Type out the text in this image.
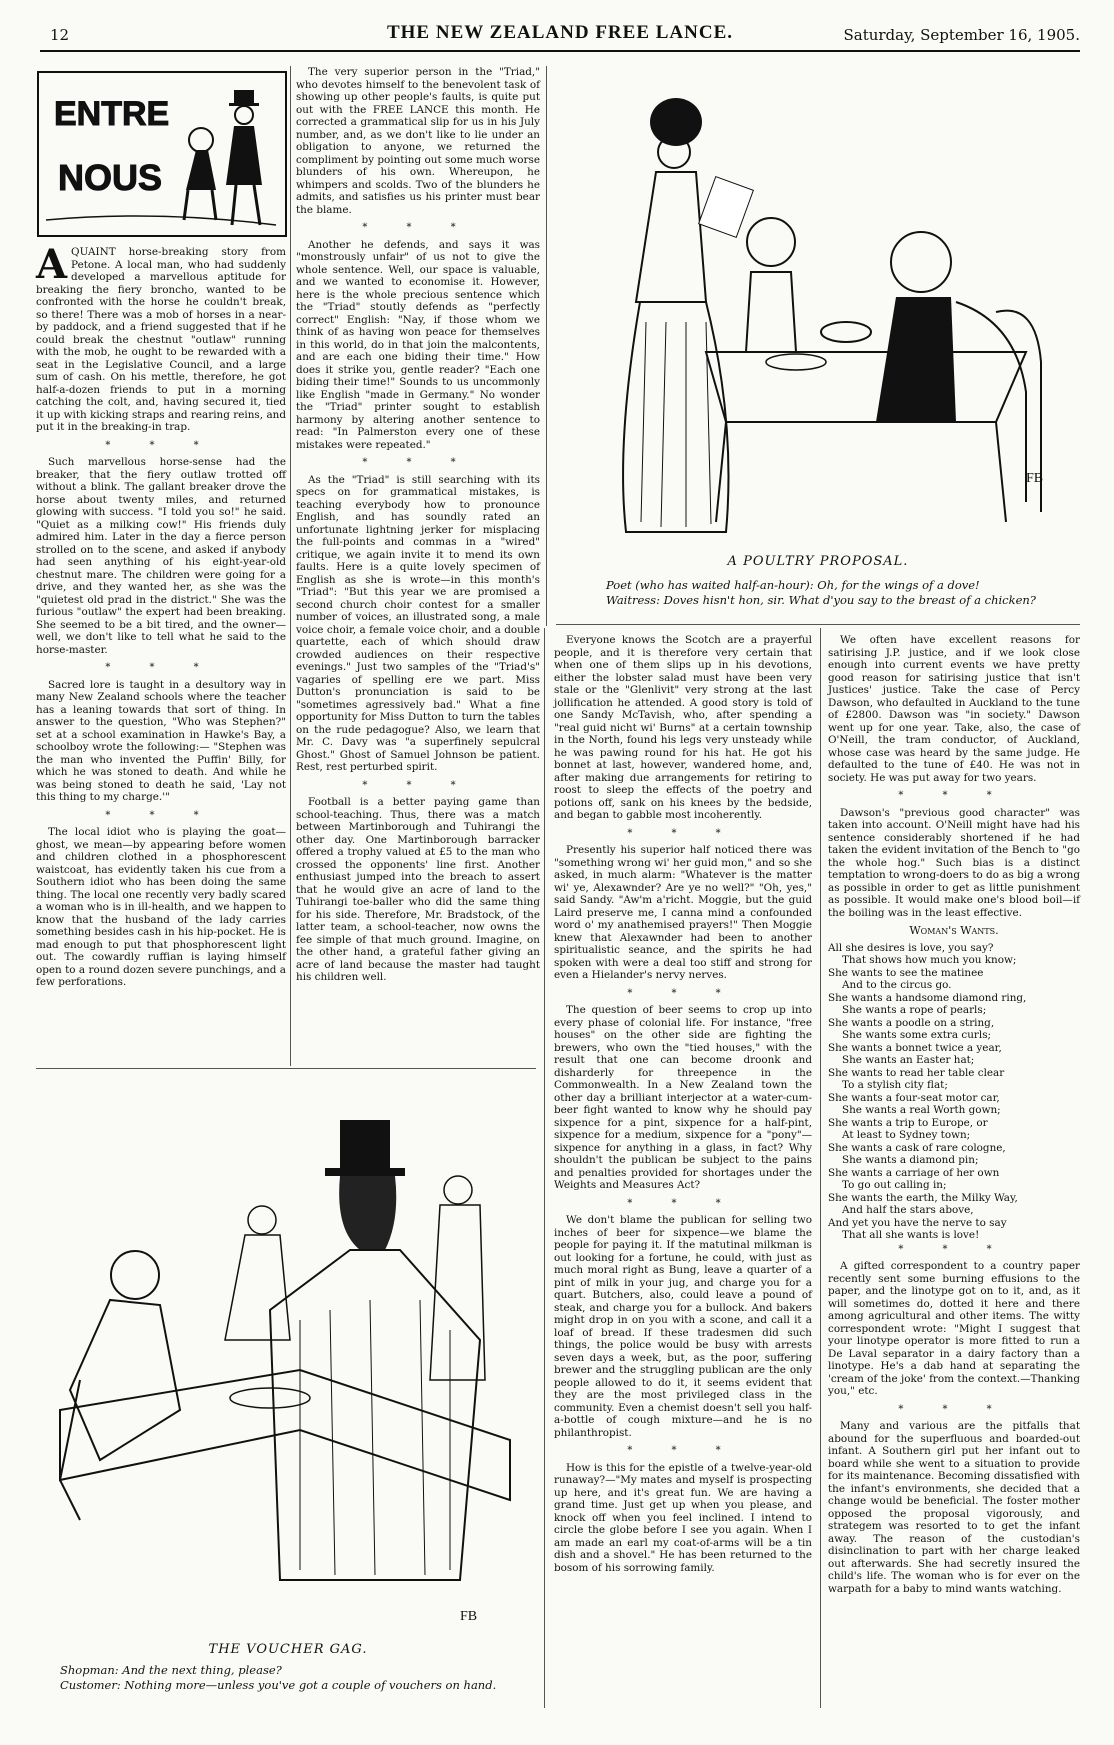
12	THE NEW ZEALAND FREE LANCE.	Saturday, September 16, 1905.
ENTRE
NOUS

AQUAINT horse-breaking story from Petone. A local man, who had suddenly developed a marvellous aptitude for breaking the fiery broncho, wanted to be confronted with the horse he couldn't break, so there! There was a mob of horses in a near-by paddock, and a friend suggested that if he could break the chestnut "outlaw" running with the mob, he ought to be rewarded with a seat in the Legislative Council, and a large sum of cash. On his mettle, therefore, he got half-a-dozen friends to put in a morning catching the colt, and, having secured it, tied it up with kicking straps and rearing reins, and put it in the breaking-in trap.

* * *

Such marvellous horse-sense had the breaker, that the fiery outlaw trotted off without a blink. The gallant breaker drove the horse about twenty miles, and returned glowing with success. "I told you so!" he said. "Quiet as a milking cow!" His friends duly admired him. Later in the day a fierce person strolled on to the scene, and asked if anybody had seen anything of his eight-year-old chestnut mare. The children were going for a drive, and they wanted her, as she was the "quietest old prad in the district." She was the furious "outlaw" the expert had been breaking. She seemed to be a bit tired, and the owner—well, we don't like to tell what he said to the horse-master.

* * *

Sacred lore is taught in a desultory way in many New Zealand schools where the teacher has a leaning towards that sort of thing. In answer to the question, "Who was Stephen?" set at a school examination in Hawke's Bay, a schoolboy wrote the following:— "Stephen was the man who invented the Puffin' Billy, for which he was stoned to death. And while he was being stoned to death he said, 'Lay not this thing to my charge.'"

* * *

The local idiot who is playing the goat—ghost, we mean—by appearing before women and children clothed in a phosphorescent waistcoat, has evidently taken his cue from a Southern idiot who has been doing the same thing. The local one recently very badly scared a woman who is in ill-health, and we happen to know that the husband of the lady carries something besides cash in his hip-pocket. He is mad enough to put that phosphorescent light out. The cowardly ruffian is laying himself open to a round dozen severe punchings, and a few perforations.

The very superior person in the "Triad," who devotes himself to the benevolent task of showing up other people's faults, is quite put out with the FREE LANCE this month. He corrected a grammatical slip for us in his July number, and, as we don't like to lie under an obligation to anyone, we returned the compliment by pointing out some much worse blunders of his own. Whereupon, he whimpers and scolds. Two of the blunders he admits, and satisfies us his printer must bear the blame.

* * *

Another he defends, and says it was "monstrously unfair" of us not to give the whole sentence. Well, our space is valuable, and we wanted to economise it. However, here is the whole precious sentence which the "Triad" stoutly defends as "perfectly correct" English: "Nay, if those whom we think of as having won peace for themselves in this world, do in that join the malcontents, and are each one biding their time." How does it strike you, gentle reader? "Each one biding their time!" Sounds to us uncommonly like English "made in Germany." No wonder the "Triad" printer sought to establish harmony by altering another sentence to read: "In Palmerston every one of these mistakes were repeated."

* * *

As the "Triad" is still searching with its specs on for grammatical mistakes, is teaching everybody how to pronounce English, and has soundly rated an unfortunate lightning jerker for misplacing the full-points and commas in a "wired" critique, we again invite it to mend its own faults. Here is a quite lovely specimen of English as she is wrote—in this month's "Triad": "But this year we are promised a second church choir contest for a smaller number of voices, an illustrated song, a male voice choir, a female voice choir, and a double quartette, each of which should draw crowded audiences on their respective evenings." Just two samples of the "Triad's" vagaries of spelling ere we part. Miss Dutton's pronunciation is said to be "sometimes agressively bad." What a fine opportunity for Miss Dutton to turn the tables on the rude pedagogue? Also, we learn that Mr. C. Davy was "a superfinely sepulcral Ghost." Ghost of Samuel Johnson be patient. Rest, rest perturbed spirit.

* * *

Football is a better paying game than school-teaching. Thus, there was a match between Martinborough and Tuhirangi the other day. One Martinborough barracker offered a trophy valued at £5 to the man who crossed the opponents' line first. Another enthusiast jumped into the breach to assert that he would give an acre of land to the Tuhirangi toe-baller who did the same thing for his side. Therefore, Mr. Bradstock, of the latter team, a school-teacher, now owns the fee simple of that much ground. Imagine, on the other hand, a grateful father giving an acre of land because the master had taught his children well.

FB
A POULTRY PROPOSAL.
Poet (who has waited half-an-hour): Oh, for the wings of a dove!
Waitress: Doves hisn't hon, sir. What d'you say to the breast of a chicken?

Everyone knows the Scotch are a prayerful people, and it is therefore very certain that when one of them slips up in his devotions, either the lobster salad must have been very stale or the "Glenlivit" very strong at the last jollification he attended. A good story is told of one Sandy McTavish, who, after spending a "real guid nicht wi' Burns" at a certain township in the North, found his legs very unsteady while he was pawing round for his hat. He got his bonnet at last, however, wandered home, and, after making due arrangements for retiring to roost to sleep the effects of the poetry and potions off, sank on his knees by the bedside, and began to gabble most incoherently.

* * *

Presently his superior half noticed there was "something wrong wi' her guid mon," and so she asked, in much alarm: "Whatever is the matter wi' ye, Alexawnder? Are ye no well?" "Oh, yes," said Sandy. "Aw'm a'richt. Moggie, but the guid Laird preserve me, I canna mind a confounded word o' my anathemised prayers!" Then Moggie knew that Alexawnder had been to another spiritualistic seance, and the spirits he had spoken with were a deal too stiff and strong for even a Hielander's nervy nerves.

* * *

The question of beer seems to crop up into every phase of colonial life. For instance, "free houses" on the other side are fighting the brewers, who own the "tied houses," with the result that one can become droonk and disharderly for threepence in the Commonwealth. In a New Zealand town the other day a brilliant interjector at a water-cum-beer fight wanted to know why he should pay sixpence for a pint, sixpence for a half-pint, sixpence for a medium, sixpence for a "pony"—sixpence for anything in a glass, in fact? Why shouldn't the publican be subject to the pains and penalties provided for shortages under the Weights and Measures Act?

* * *

We don't blame the publican for selling two inches of beer for sixpence—we blame the people for paying it. If the matutinal milkman is out looking for a fortune, he could, with just as much moral right as Bung, leave a quarter of a pint of milk in your jug, and charge you for a quart. Butchers, also, could leave a pound of steak, and charge you for a bullock. And bakers might drop in on you with a scone, and call it a loaf of bread. If these tradesmen did such things, the police would be busy with arrests seven days a week, but, as the poor, suffering brewer and the struggling publican are the only people allowed to do it, it seems evident that they are the most privileged class in the community. Even a chemist doesn't sell you half-a-bottle of cough mixture—and he is no philanthropist.

* * *

How is this for the epistle of a twelve-year-old runaway?—"My mates and myself is prospecting up here, and it's great fun. We are having a grand time. Just get up when you please, and knock off when you feel inclined. I intend to circle the globe before I see you again. When I am made an earl my coat-of-arms will be a tin dish and a shovel." He has been returned to the bosom of his sorrowing family.

We often have excellent reasons for satirising J.P. justice, and if we look close enough into current events we have pretty good reason for satirising justice that isn't Justices' justice. Take the case of Percy Dawson, who defaulted in Auckland to the tune of £2800. Dawson was "in society." Dawson went up for one year. Take, also, the case of O'Neill, the tram conductor, of Auckland, whose case was heard by the same judge. He defaulted to the tune of £40. He was not in society. He was put away for two years.

* * *

Dawson's "previous good character" was taken into account. O'Neill might have had his sentence considerably shortened if he had taken the evident invitation of the Bench to "go the whole hog." Such bias is a distinct temptation to wrong-doers to do as big a wrong as possible in order to get as little punishment as possible. It would make one's blood boil—if the boiling was in the least effective.

Woman's Wants.
All she desires is love, you say?
That shows how much you know;
She wants to see the matinee
And to the circus go.
She wants a handsome diamond ring,
She wants a rope of pearls;
She wants a poodle on a string,
She wants some extra curls;
She wants a bonnet twice a year,
She wants an Easter hat;
She wants to read her table clear
To a stylish city flat;
She wants a four-seat motor car,
She wants a real Worth gown;
She wants a trip to Europe, or
At least to Sydney town;
She wants a cask of rare cologne,
She wants a diamond pin;
She wants a carriage of her own
To go out calling in;
She wants the earth, the Milky Way,
And half the stars above,
And yet you have the nerve to say
That all she wants is love!
* * *

A gifted correspondent to a country paper recently sent some burning effusions to the paper, and the linotype got on to it, and, as it will sometimes do, dotted it here and there among agricultural and other items. The witty correspondent wrote: "Might I suggest that your linotype operator is more fitted to run a De Laval separator in a dairy factory than a linotype. He's a dab hand at separating the 'cream of the joke' from the context.—Thanking you," etc.

* * *

Many and various are the pitfalls that abound for the superfluous and boarded-out infant. A Southern girl put her infant out to board while she went to a situation to provide for its maintenance. Becoming dissatisfied with the infant's environments, she decided that a change would be beneficial. The foster mother opposed the proposal vigorously, and strategem was resorted to to get the infant away. The reason of the custodian's disinclination to part with her charge leaked out afterwards. She had secretly insured the child's life. The woman who is for ever on the warpath for a baby to mind wants watching.

FB
THE VOUCHER GAG.
Shopman: And the next thing, please?
Customer: Nothing more—unless you've got a couple of vouchers on hand.
